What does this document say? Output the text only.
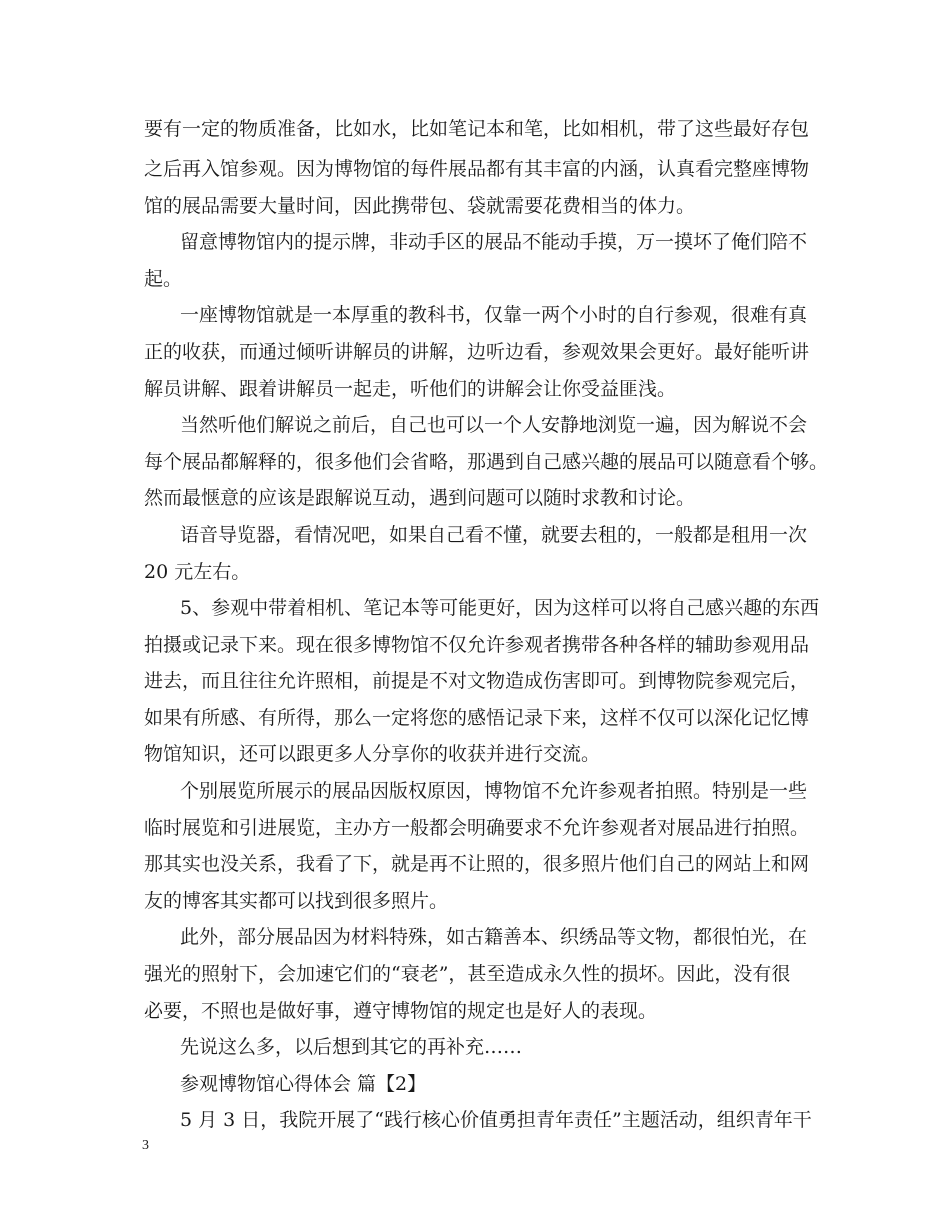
要有一定的物质准备，比如水，比如笔记本和笔，比如相机，带了这些最好存包
之后再入馆参观。因为博物馆的每件展品都有其丰富的内涵，认真看完整座博物
馆的展品需要大量时间，因此携带包、袋就需要花费相当的体力。
留意博物馆内的提示牌，非动手区的展品不能动手摸，万一摸坏了俺们陪不
起。
一座博物馆就是一本厚重的教科书，仅靠一两个小时的自行参观，很难有真
正的收获，而通过倾听讲解员的讲解，边听边看，参观效果会更好。最好能听讲
解员讲解、跟着讲解员一起走，听他们的讲解会让你受益匪浅。
当然听他们解说之前后，自己也可以一个人安静地浏览一遍，因为解说不会
每个展品都解释的，很多他们会省略，那遇到自己感兴趣的展品可以随意看个够。
然而最惬意的应该是跟解说互动，遇到问题可以随时求教和讨论。
语音导览器，看情况吧，如果自己看不懂，就要去租的，一般都是租用一次
20 元左右。
5、参观中带着相机、笔记本等可能更好，因为这样可以将自己感兴趣的东西
拍摄或记录下来。现在很多博物馆不仅允许参观者携带各种各样的辅助参观用品
进去，而且往往允许照相，前提是不对文物造成伤害即可。到博物院参观完后，
如果有所感、有所得，那么一定将您的感悟记录下来，这样不仅可以深化记忆博
物馆知识，还可以跟更多人分享你的收获并进行交流。
个别展览所展示的展品因版权原因，博物馆不允许参观者拍照。特别是一些
临时展览和引进展览，主办方一般都会明确要求不允许参观者对展品进行拍照。
那其实也没关系，我看了下，就是再不让照的，很多照片他们自己的网站上和网
友的博客其实都可以找到很多照片。
此外，部分展品因为材料特殊，如古籍善本、织绣品等文物，都很怕光，在
强光的照射下，会加速它们的“衰老”，甚至造成永久性的损坏。因此，没有很
必要，不照也是做好事，遵守博物馆的规定也是好人的表现。
先说这么多，以后想到其它的再补充……
参观博物馆心得体会 篇【2】
5 月 3 日，我院开展了“践行核心价值勇担青年责任”主题活动，组织青年干
3
